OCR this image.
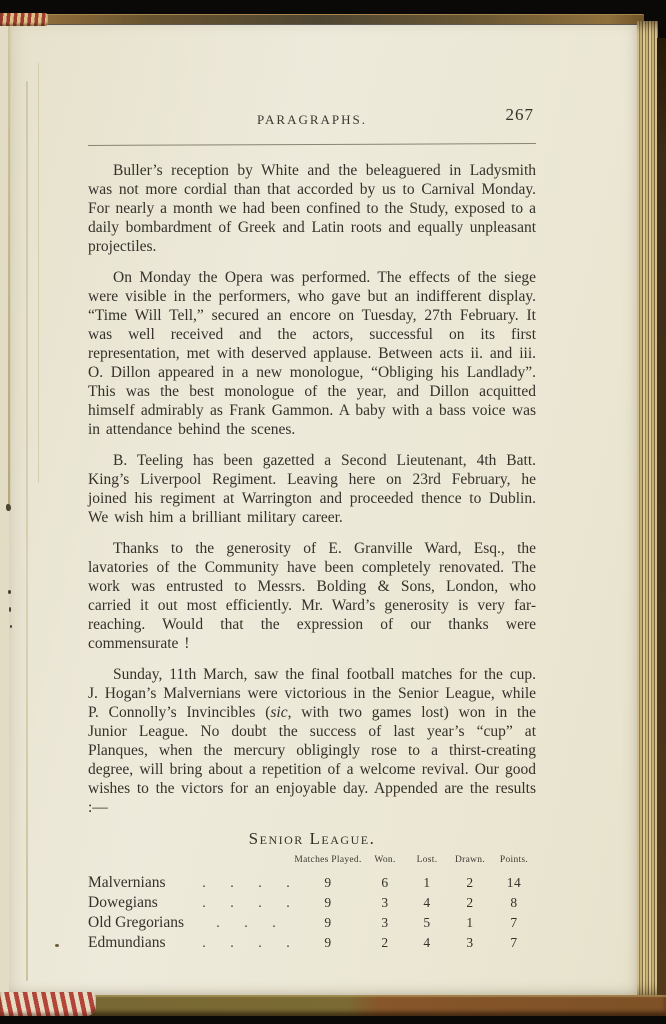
PARAGRAPHS.	267

Buller’s reception by White and the beleaguered in Ladysmith was not more cordial than that accorded by us to Carnival Monday. For nearly a month we had been confined to the Study, exposed to a daily bombardment of Greek and Latin roots and equally unpleasant projectiles.

On Monday the Opera was performed. The effects of the siege were visible in the performers, who gave but an indifferent display. “Time Will Tell,” secured an encore on Tuesday, 27th February. It was well received and the actors, successful on its first representation, met with deserved applause. Between acts ii. and iii. O. Dillon appeared in a new monologue, “Obliging his Landlady”. This was the best monologue of the year, and Dillon acquitted himself admirably as Frank Gammon. A baby with a bass voice was in attendance behind the scenes.

B. Teeling has been gazetted a Second Lieutenant, 4th Batt. King’s Liverpool Regiment. Leaving here on 23rd February, he joined his regiment at Warrington and proceeded thence to Dublin. We wish him a brilliant military career.

Thanks to the generosity of E. Granville Ward, Esq., the lavatories of the Community have been completely renovated. The work was entrusted to Messrs. Bolding & Sons, London, who carried it out most efficiently. Mr. Ward’s generosity is very far-reaching. Would that the expression of our thanks were commensurate !

Sunday, 11th March, saw the final football matches for the cup. J. Hogan’s Malvernians were victorious in the Senior League, while P. Connolly’s Invincibles (sic, with two games lost) won in the Junior League. No doubt the success of last year’s “cup” at Planques, when the mercury obligingly rose to a thirst-creating degree, will bring about a repetition of a welcome revival. Our good wishes to the victors for an enjoyable day. Appended are the results :—

Senior League.
		Matches Played.	Won.	Lost.	Drawn.	Points.
Malvernians	. . . .	9	6	1	2	14
Dowegians	. . . .	9	3	4	2	8
Old Gregorians	. . .	9	3	5	1	7
Edmundians	. . . .	9	2	4	3	7
